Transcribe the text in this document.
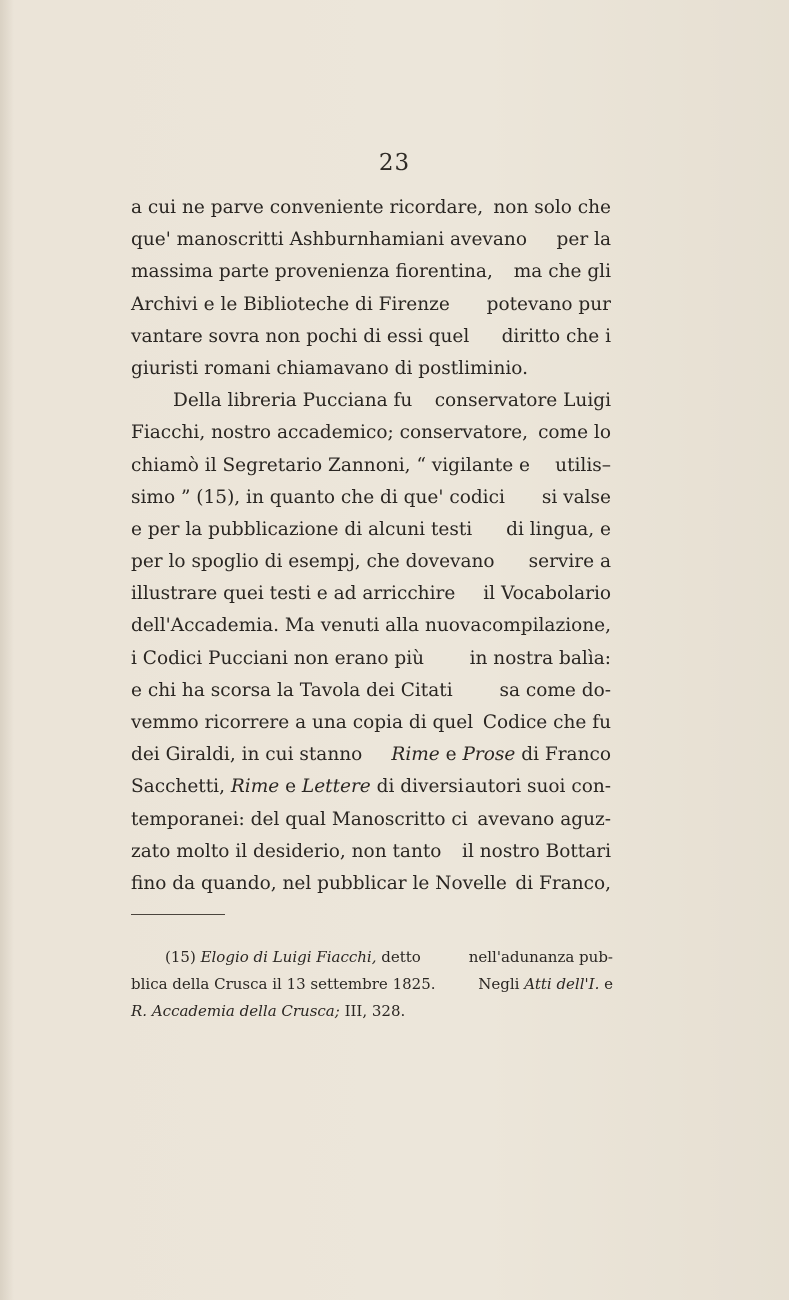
23
a cui ne parve conveniente ricordare, non solo che
que' manoscritti Ashburnhamiani avevano per la
massima parte provenienza fiorentina, ma che gli
Archivi e le Biblioteche di Firenze potevano pur
vantare sovra non pochi di essi quel diritto che i
giuristi romani chiamavano di postliminio.
Della libreria Pucciana fu conservatore Luigi
Fiacchi, nostro accademico; conservatore, come lo
chiamò il Segretario Zannoni, “ vigilante e utilis–
simo ” (15), in quanto che di que' codici si valse
e per la pubblicazione di alcuni testi di lingua, e
per lo spoglio di esempj, che dovevano servire a
illustrare quei testi e ad arricchire il Vocabolario
dell'Accademia. Ma venuti alla nuova compilazione,
i Codici Pucciani non erano più in nostra balìa:
e chi ha scorsa la Tavola dei Citati	sa come do-
vemmo ricorrere a una copia di quel Codice che fu
dei Giraldi, in cui stanno Rime e Prose di Franco
Sacchetti, Rime e Lettere di diversi autori suoi con-
temporanei: del qual Manoscritto ci avevano aguz-
zato molto il desiderio, non tanto il nostro Bottari
fino da quando, nel pubblicar le Novelle di Franco,
(15) Elogio di Luigi Fiacchi, detto	nell'adunanza pub-
blica della Crusca il 13 settembre 1825.	Negli Atti dell'I. e
R. Accademia della Crusca; III, 328.
